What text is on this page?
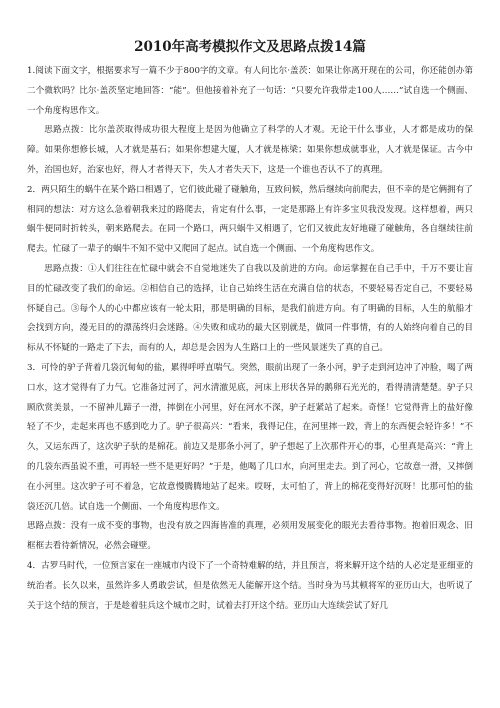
2010年高考模拟作文及思路点拨14篇

1.阅读下面文字，根据要求写一篇不少于800字的文章。有人问比尔·盖茨：如果让你离开现在的公司，你还能创办第二个微软吗？比尔·盖茨坚定地回答：“能”。但他接着补充了一句话：“只要允许我带走100人……”试自选一个侧面、一个角度构思作文。

思路点拨：比尔盖茨取得成功很大程度上是因为他确立了科学的人才观。无论干什么事业，人才都是成功的保障。如果你想修长城，人才就是基石；如果你想建大厦，人才就是栋梁；如果你想成就事业，人才就是保证。古今中外，治国也好，治家也好，得人才者得天下，失人才者失天下，这是一个谁也否认不了的真理。

2．两只陌生的蜗牛在某个路口相遇了，它们彼此碰了碰触角，互致问候，然后继续向前爬去，但不幸的是它俩拥有了相同的想法：对方这么急着朝我来过的路爬去，肯定有什么事，一定是那路上有许多宝贝我没发现。这样想着，两只蜗牛便同时折转头，朝来路爬去。在同一个路口，两只蜗牛又相遇了，它们又彼此友好地碰了碰触角，各自继续往前爬去。忙碌了一辈子的蜗牛不知不觉中又爬回了起点。试自选一个侧面、一个角度构思作文。

思路点拨：①人们往往在忙碌中就会不自觉地迷失了自我以及前进的方向。命运掌握在自己手中，千万不要让盲目的忙碌改变了我们的命运。②相信自己的选择，让自己始终生活在充满自信的状态，不要轻易否定自己，不要轻易怀疑自己。③每个人的心中都应该有一轮太阳，那是明确的目标，是我们前进方向。有了明确的目标，人生的航船才会找到方向，漫无目的的漂荡终归会迷路。④失败和成功的最大区别就是，做同一件事情，有的人始终向着自己的目标从不怀疑的一路走了下去，而有的人，却总是会因为人生路口上的一些风景迷失了真的自己。

3．可怜的驴子背着几袋沉甸甸的盐，累得呼呼直喘气。突然，眼前出现了一条小河，驴子走到河边冲了冲脸，喝了两口水，这才觉得有了力气。它准备过河了，河水清澈见底，河床上形状各异的鹅卵石光光的，看得清清楚楚。驴子只顾欣赏美景，一不留神儿蹄子一滑，摔倒在小河里，好在河水不深，驴子赶紧站了起来。奇怪！它觉得背上的盐好像轻了不少，走起来再也不感到吃力了。驴子很高兴：“看来，我得记住，在河里摔一跤，背上的东西便会轻许多！”不久，又运东西了，这次驴子驮的是棉花。前边又是那条小河了，驴子想起了上次那件开心的事，心里真是高兴：“背上的几袋东西虽说不重，可再轻一些不是更好吗？”于是，他喝了几口水，向河里走去。到了河心，它故意一滑，又摔倒在小河里。这次驴子可不着急，它故意慢腾腾地站了起来。哎呀，太可怕了，背上的棉花变得好沉呀！比那可怕的盐袋还沉几倍。试自选一个侧面、一个角度构思作文。

思路点拨：没有一成不变的事物，也没有放之四海皆准的真理，必须用发展变化的眼光去看待事物。抱着旧观念、旧框框去看待新情况，必然会碰壁。

4．古罗马时代，一位预言家在一座城市内设下了一个奇特难解的结，并且预言，将来解开这个结的人必定是亚细亚的统治者。长久以来，虽然许多人勇敢尝试，但是依然无人能解开这个结。当时身为马其顿将军的亚历山大，也听说了关于这个结的预言，于是趁着驻兵这个城市之时，试着去打开这个结。亚历山大连续尝试了好几
